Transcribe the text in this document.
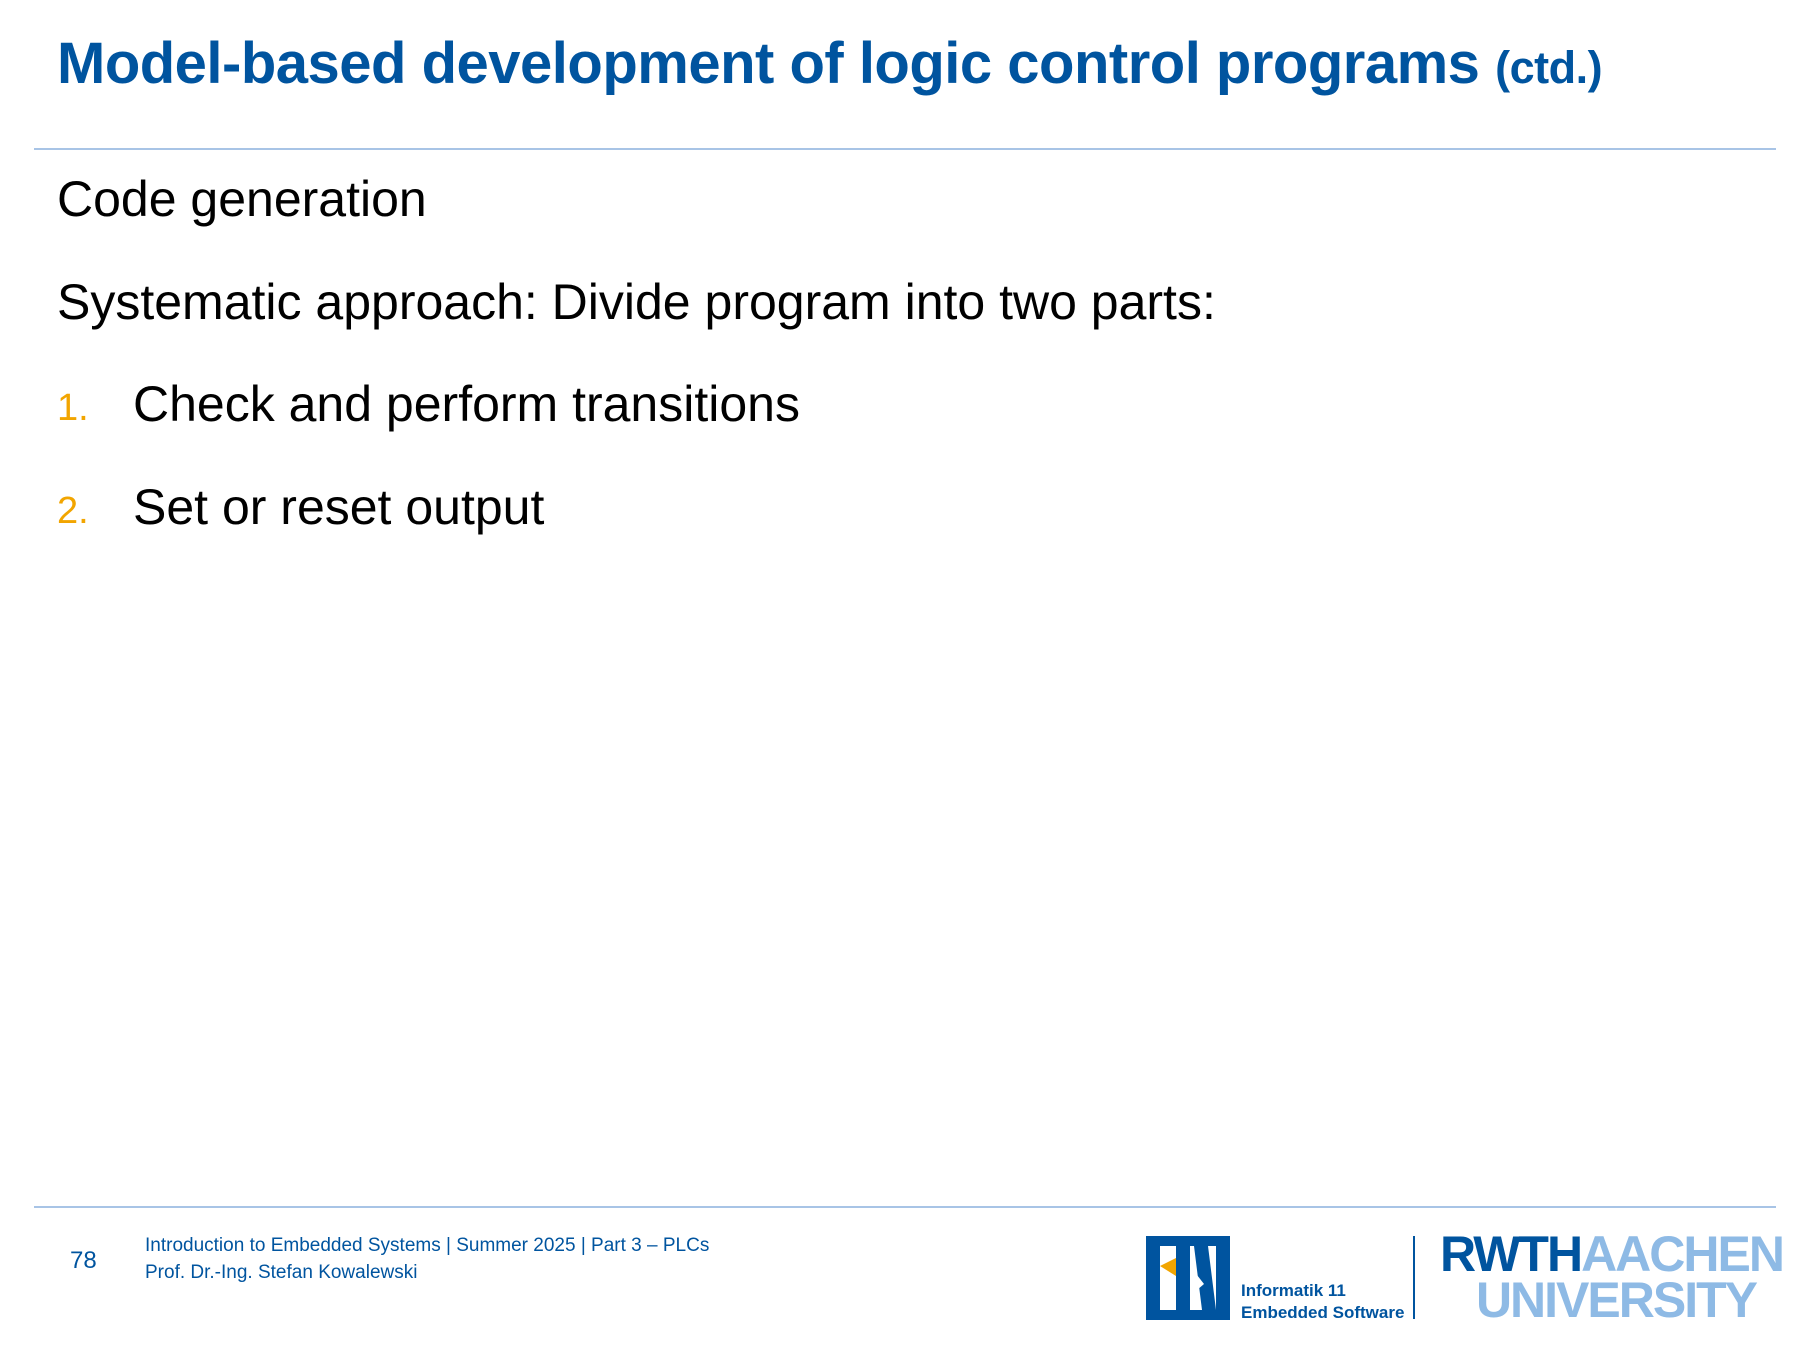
Model-based development of logic control programs (ctd.)
Code generation
Systematic approach: Divide program into two parts:
1. Check and perform transitions
2. Set or reset output
78
Introduction to Embedded Systems | Summer 2025 | Part 3 – PLCs
Prof. Dr.-Ing. Stefan Kowalewski
Informatik 11
Embedded Software
RWTHAACHEN
UNIVERSITY
